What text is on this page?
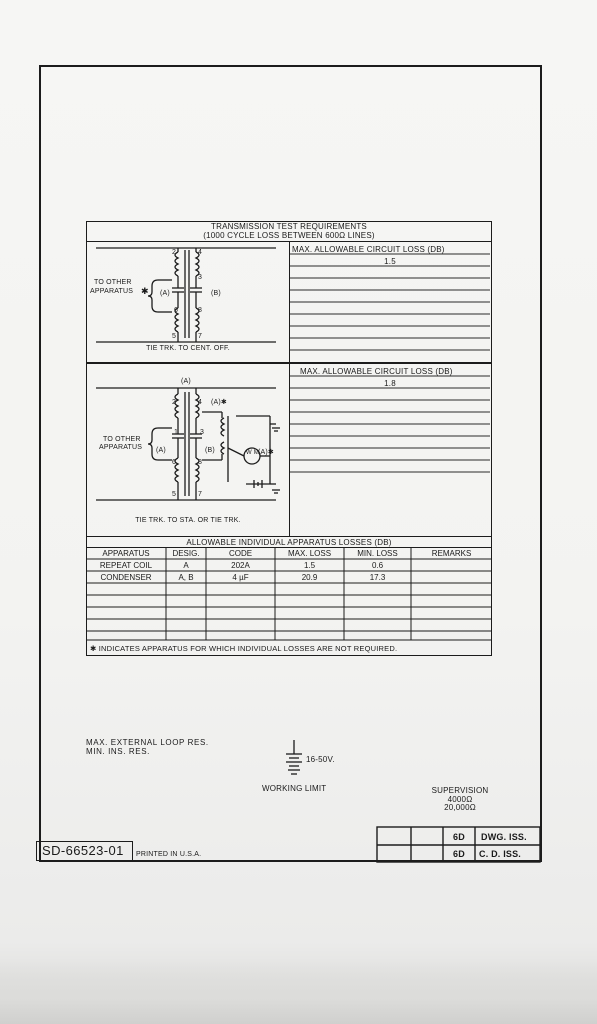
TRANSMISSION TEST REQUIREMENTS
(1000 CYCLE LOSS BETWEEN 600Ω LINES)
MAX. ALLOWABLE CIRCUIT LOSS (DB)
1.5
MAX. ALLOWABLE CIRCUIT LOSS (DB)
1.8
2	4
3
6	8
5	7
TO OTHER
APPARATUS ✱ (A)	(B)
TIE TRK. TO CENT. OFF.
2	4
1	3
6	8
5	7
(A)
(A)✱
TO OTHER
APPARATUS (A)	(B)	W M (A)✱
TIE TRK. TO STA. OR TIE TRK.
ALLOWABLE INDIVIDUAL APPARATUS LOSSES (DB)
APPARATUS	DESIG.	CODE	MAX. LOSS	MIN. LOSS	REMARKS
REPEAT COIL	A	202A	1.5	0.6
CONDENSER	A, B	4 µF	20.9	17.3
✱ INDICATES APPARATUS FOR WHICH INDIVIDUAL LOSSES ARE NOT REQUIRED.
MAX. EXTERNAL LOOP RES.
MIN. INS. RES.
16-50V.
WORKING LIMIT	SUPERVISION
4000Ω
20,000Ω
SD-66523-01 PRINTED IN U.S.A.
6D	DWG. ISS.
6D	C. D. ISS.
